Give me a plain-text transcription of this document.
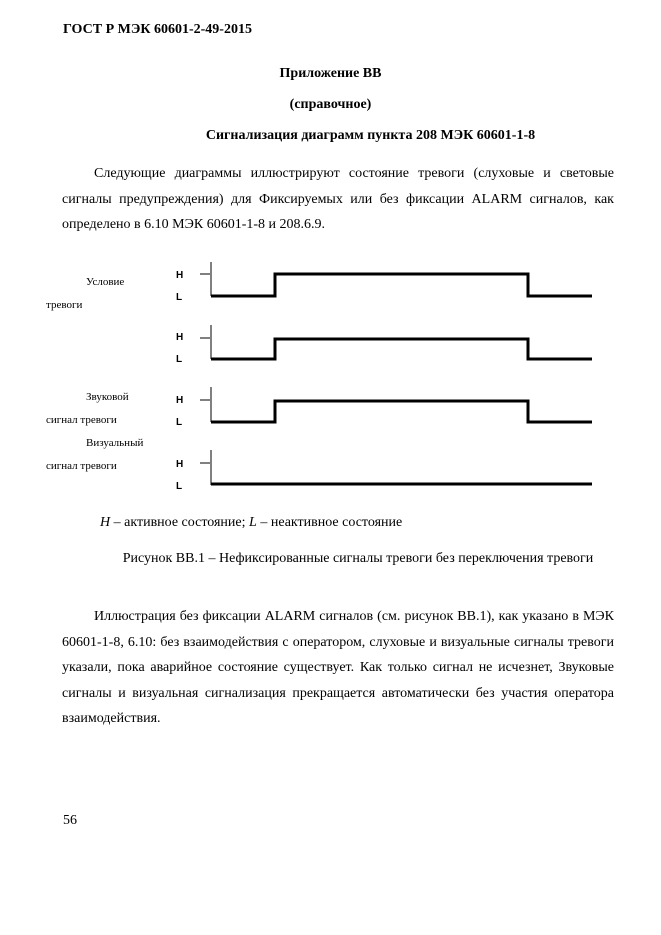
ГОСТ Р МЭК 60601-2-49-2015
Приложение ВВ
(справочное)
Сигнализация диаграмм пункта 208 МЭК 60601-1-8
Следующие диаграммы иллюстрируют состояние тревоги (слуховые и световые сигналы предупреждения) для Фиксируемых или без фиксации ALARM сигналов, как определено в 6.10 МЭК 60601-1-8 и 208.6.9.
Условие
тревоги
Звуковой
сигнал тревоги
Визуальный
сигнал тревоги
H
L
H
L
H
L
H
L
H – активное состояние; L – неактивное состояние
Рисунок ВВ.1 – Нефиксированные сигналы тревоги без переключения тревоги
Иллюстрация без фиксации ALARM сигналов (см. рисунок ВВ.1), как указано в МЭК 60601-1-8, 6.10: без взаимодействия с оператором, слуховые и визуальные сигналы тревоги указали, пока аварийное состояние существует. Как только сигнал не исчезнет, Звуковые сигналы и визуальная сигнализация прекращается автоматически без участия оператора взаимодействия.
56
